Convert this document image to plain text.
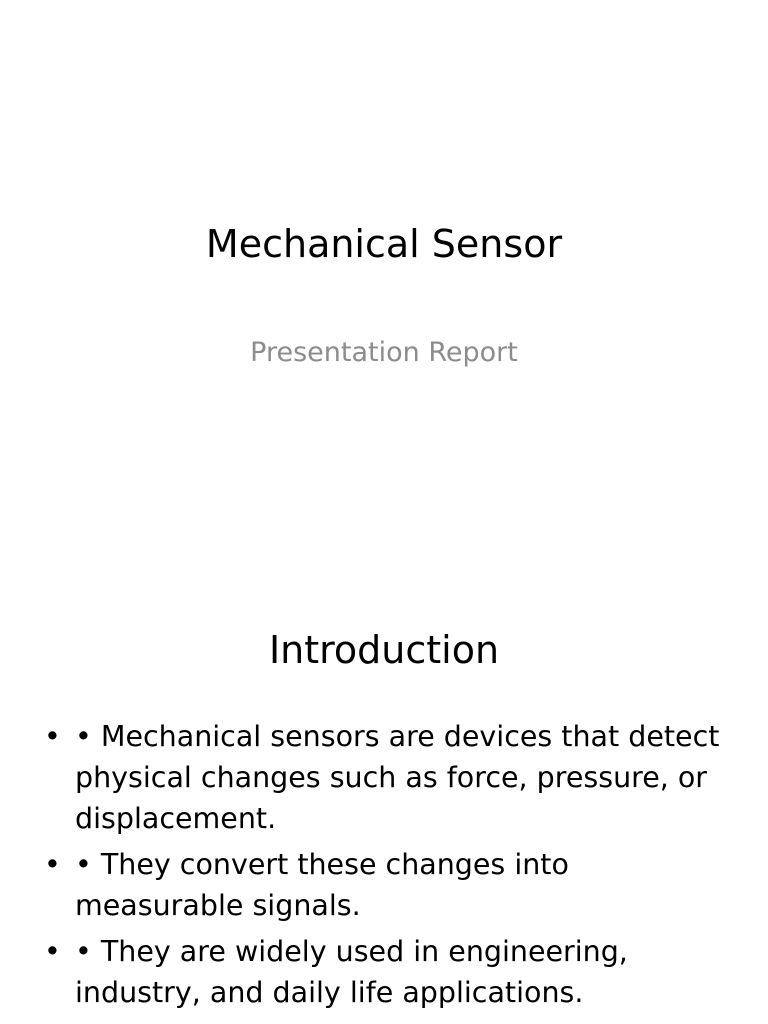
Mechanical Sensor

Presentation Report

Introduction
• • Mechanical sensors are devices that detect physical changes such as force, pressure, or displacement.
• • They convert these changes into measurable signals.
• • They are widely used in engineering, industry, and daily life applications.
